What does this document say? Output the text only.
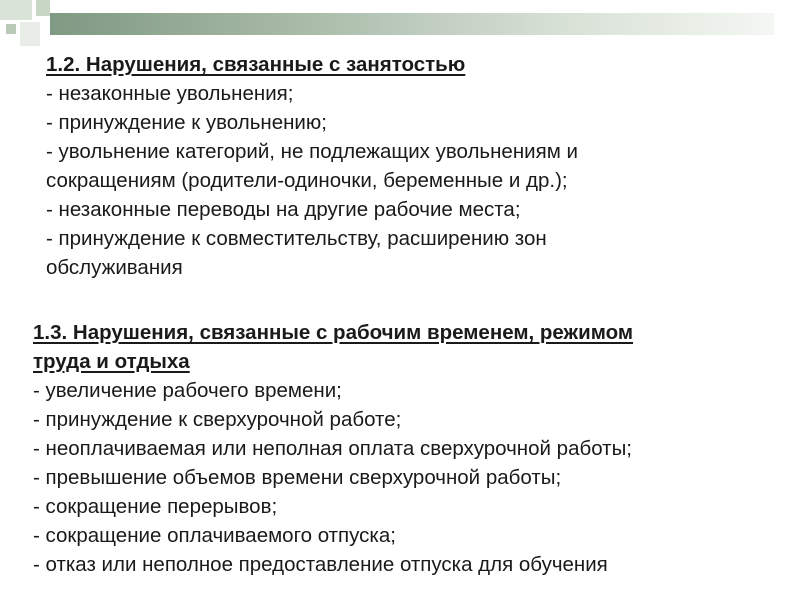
1.2. Нарушения, связанные с занятостью
- незаконные увольнения;
- принуждение к увольнению;
- увольнение категорий, не подлежащих увольнениям и
сокращениям (родители-одиночки, беременные и др.);
- незаконные переводы на другие рабочие места;
- принуждение к совместительству, расширению зон
обслуживания
1.3. Нарушения, связанные с рабочим временем, режимом
труда и отдыха
- увеличение рабочего времени;
- принуждение к сверхурочной работе;
- неоплачиваемая или неполная оплата сверхурочной работы;
- превышение объемов времени сверхурочной работы;
- сокращение перерывов;
- сокращение оплачиваемого отпуска;
- отказ или неполное предоставление отпуска для обучения
